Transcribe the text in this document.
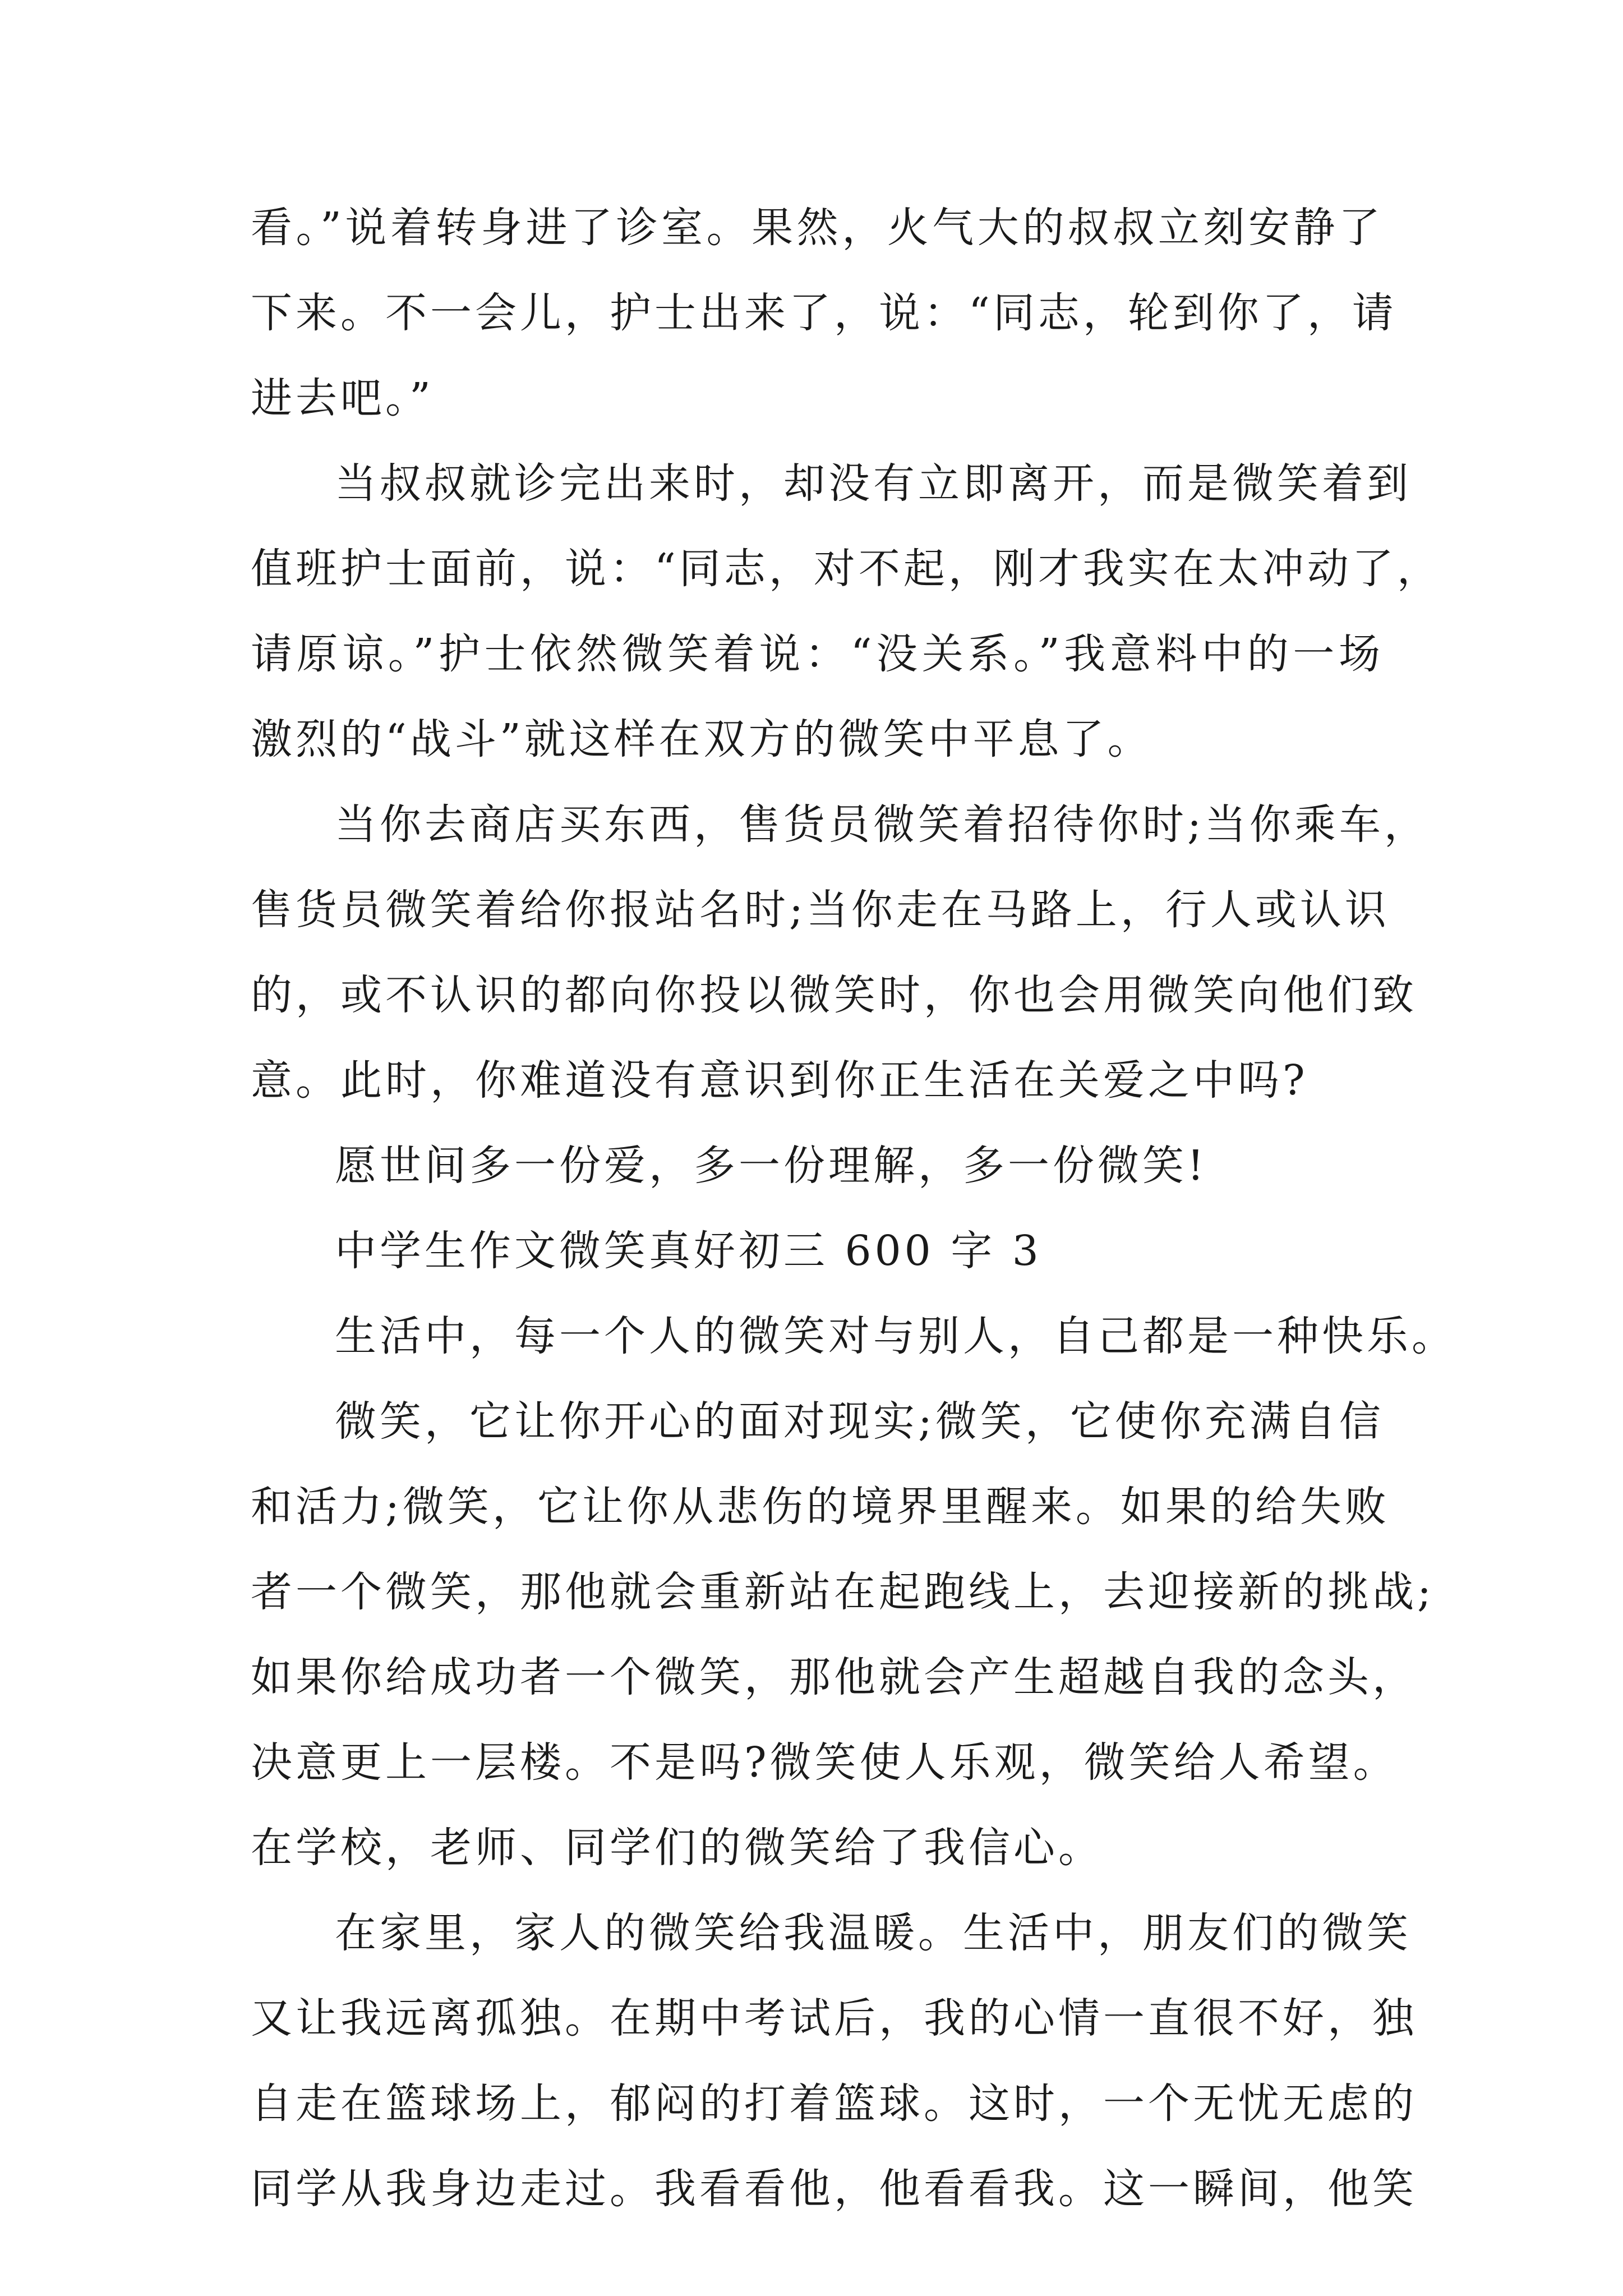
看。”说着转身进了诊室。果然，火气大的叔叔立刻安静了
下来。不一会儿，护士出来了，说：“同志，轮到你了，请
进去吧。”
当叔叔就诊完出来时，却没有立即离开，而是微笑着到
值班护士面前，说：“同志，对不起，刚才我实在太冲动了，
请原谅。”护士依然微笑着说：“没关系。”我意料中的一场
激烈的“战斗”就这样在双方的微笑中平息了。
当你去商店买东西，售货员微笑着招待你时;当你乘车，
售货员微笑着给你报站名时;当你走在马路上，行人或认识
的，或不认识的都向你投以微笑时，你也会用微笑向他们致
意。此时，你难道没有意识到你正生活在关爱之中吗?
愿世间多一份爱，多一份理解，多一份微笑!
中学生作文微笑真好初三 600 字 3
生活中，每一个人的微笑对与别人，自己都是一种快乐。
微笑，它让你开心的面对现实;微笑，它使你充满自信
和活力;微笑，它让你从悲伤的境界里醒来。如果的给失败
者一个微笑，那他就会重新站在起跑线上，去迎接新的挑战;
如果你给成功者一个微笑，那他就会产生超越自我的念头，
决意更上一层楼。不是吗?微笑使人乐观，微笑给人希望。
在学校，老师、同学们的微笑给了我信心。
在家里，家人的微笑给我温暖。生活中，朋友们的微笑
又让我远离孤独。在期中考试后，我的心情一直很不好，独
自走在篮球场上，郁闷的打着篮球。这时，一个无忧无虑的
同学从我身边走过。我看看他，他看看我。这一瞬间，他笑
